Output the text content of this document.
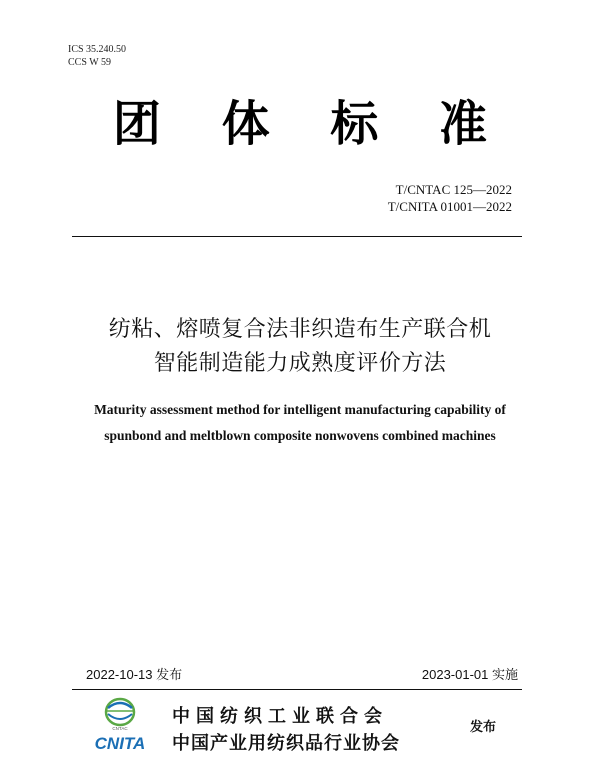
ICS 35.240.50
CCS W 59
团 体 标 准
T/CNTAC 125—2022
T/CNITA 01001—2022
纺粘、熔喷复合法非织造布生产联合机
智能制造能力成熟度评价方法
Maturity assessment method for intelligent manufacturing capability of
spunbond and meltblown composite nonwovens combined machines
2022-10-13 发布	2023-01-01 实施
CNTAC
CNITA
中国纺织工业联合会
中国产业用纺织品行业协会
发布
